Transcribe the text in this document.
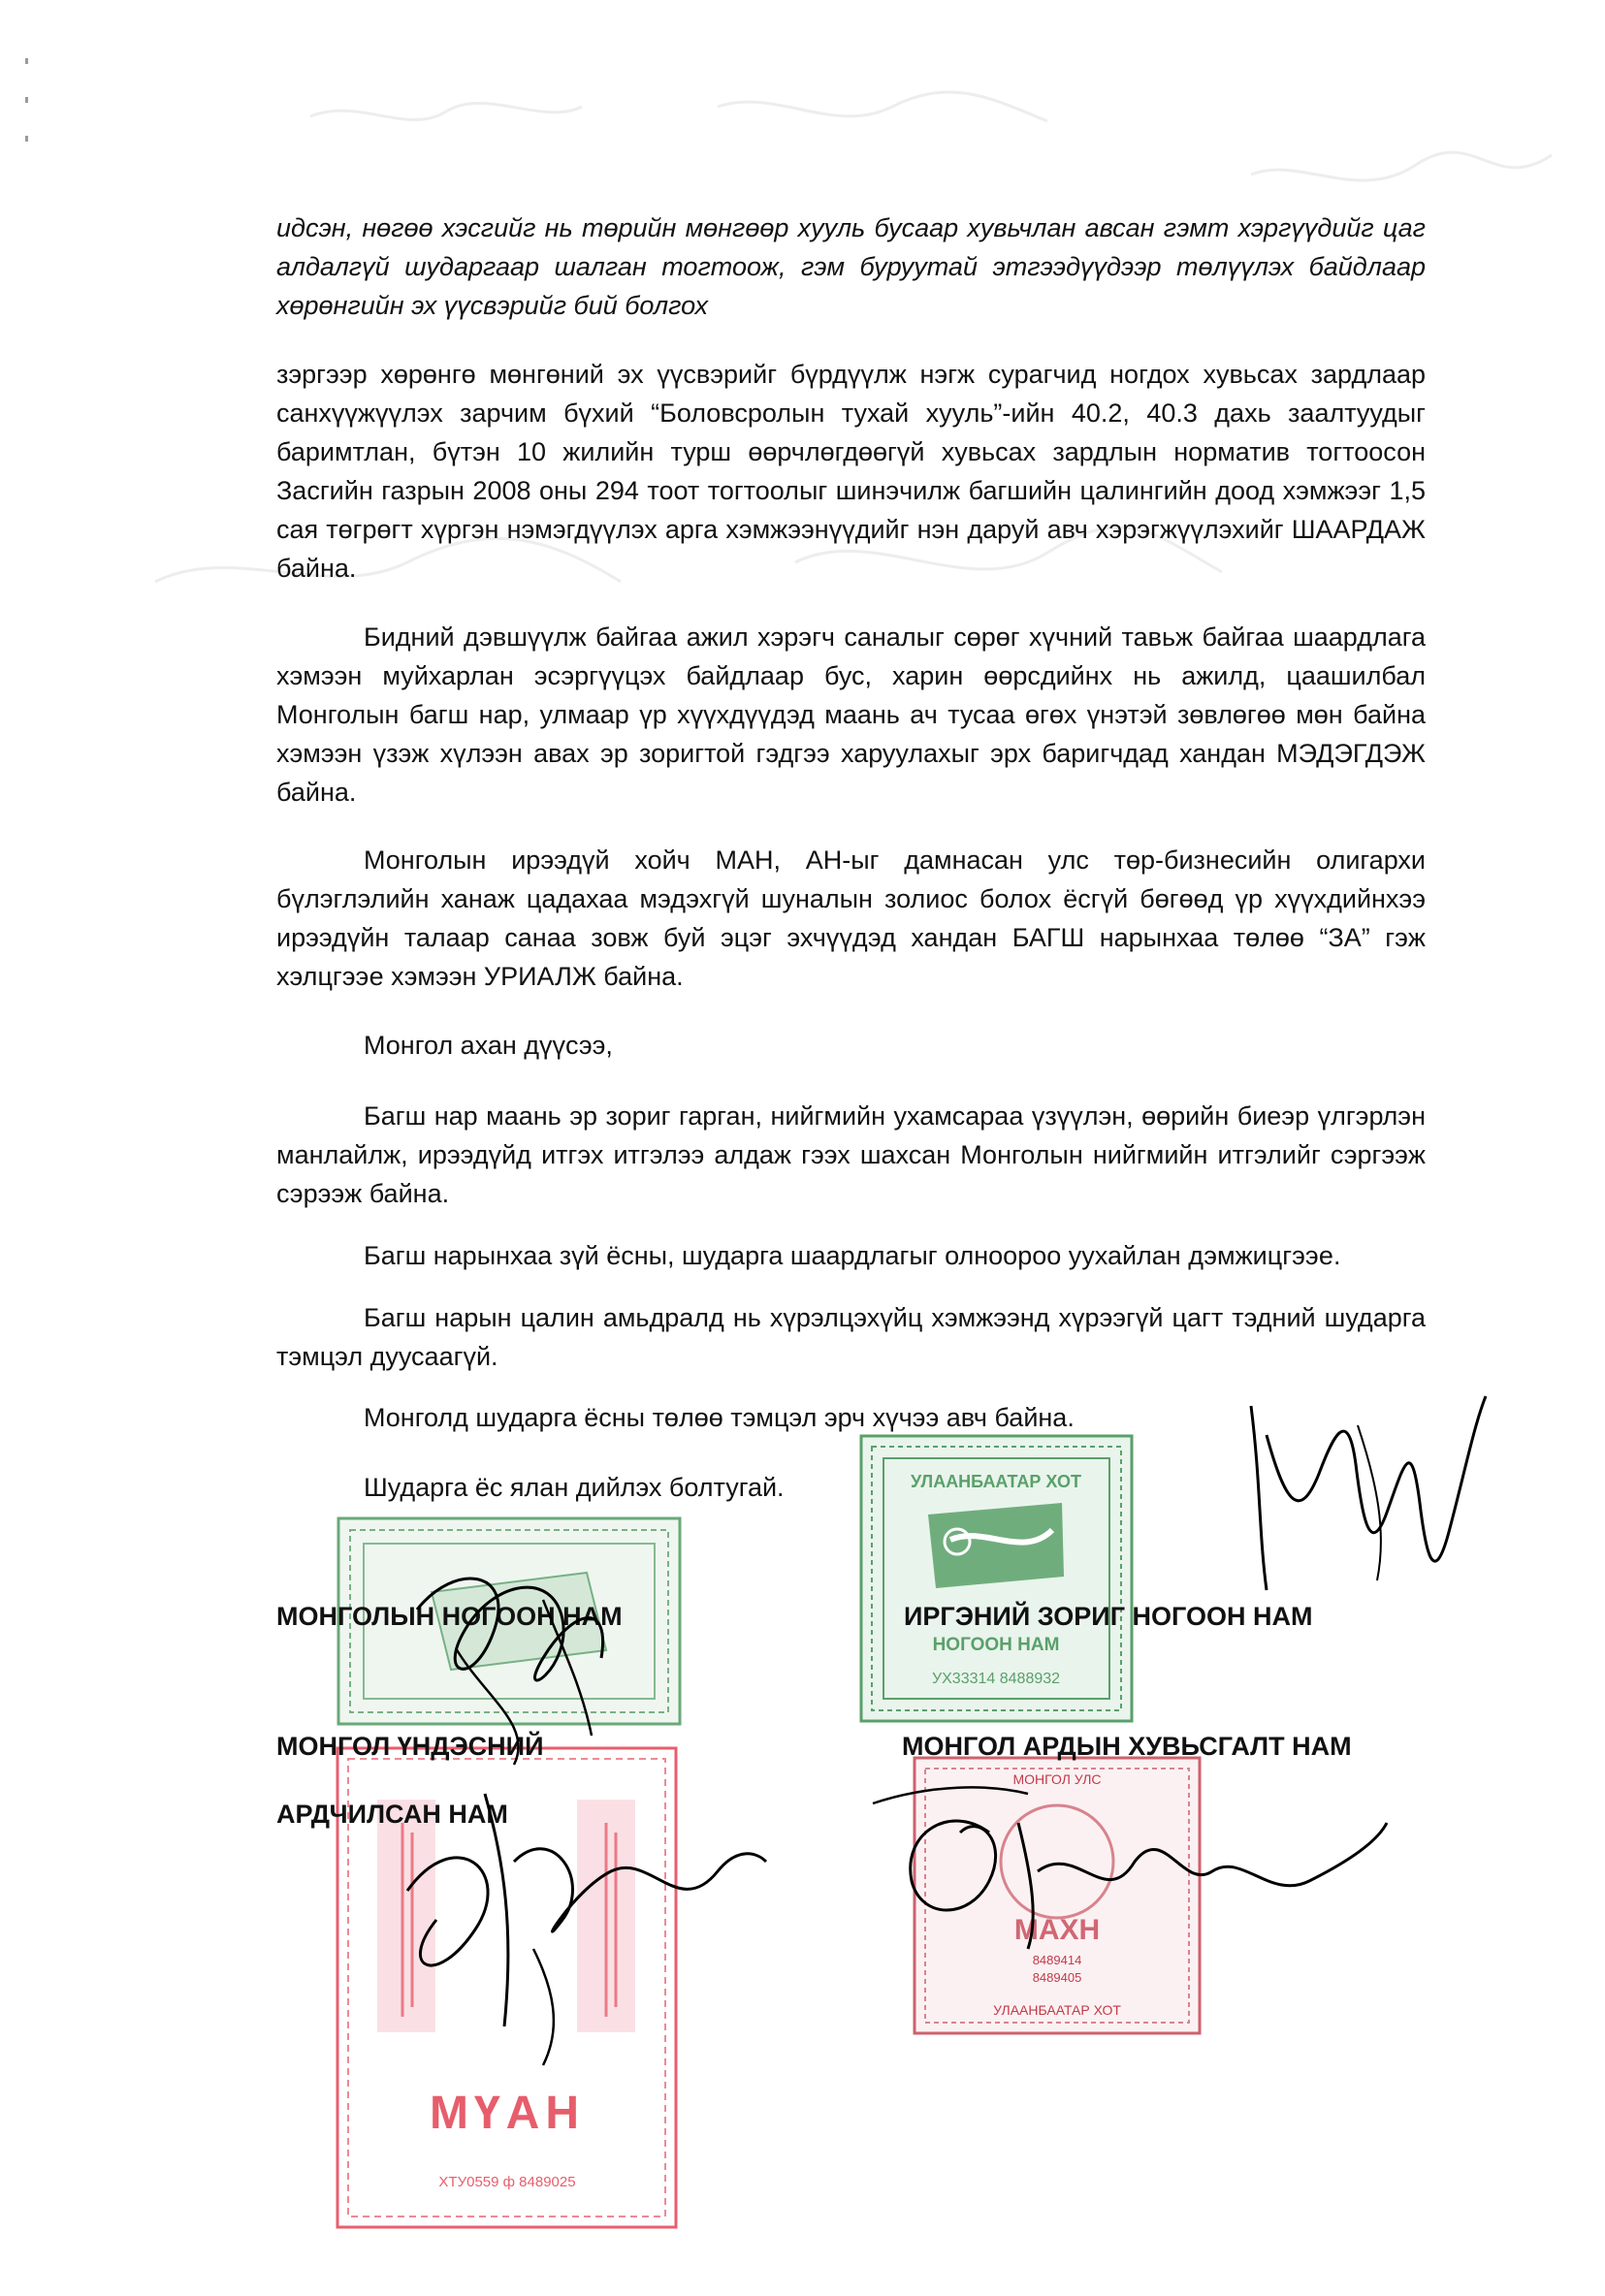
идсэн, нөгөө хэсгийг нь төрийн мөнгөөр хууль бусаар хувьчлан авсан гэмт хэргүүдийг цаг алдалгүй шударгаар шалган тогтоож, гэм буруутай этгээдүүдээр төлүүлэх байдлаар хөрөнгийн эх үүсвэрийг бий болгох

зэргээр хөрөнгө мөнгөний эх үүсвэрийг бүрдүүлж нэгж сурагчид ногдох хувьсах зардлаар санхүүжүүлэх зарчим бүхий “Боловсролын тухай хууль”-ийн 40.2, 40.3 дахь заалтуудыг баримтлан, бүтэн 10 жилийн турш өөрчлөгдөөгүй хувьсах зардлын норматив тогтоосон Засгийн газрын 2008 оны 294 тоот тогтоолыг шинэчилж багшийн цалингийн доод хэмжээг 1,5 сая төгрөгт хүргэн нэмэгдүүлэх арга хэмжээнүүдийг нэн даруй авч хэрэгжүүлэхийг ШААРДАЖ байна.

Бидний дэвшүүлж байгаа ажил хэрэгч саналыг сөрөг хүчний тавьж байгаа шаардлага хэмээн муйхарлан эсэргүүцэх байдлаар бус, харин өөрсдийнх нь ажилд, цаашилбал Монголын багш нар, улмаар үр хүүхдүүдэд маань ач тусаа өгөх үнэтэй зөвлөгөө мөн байна хэмээн үзэж хүлээн авах эр зоригтой гэдгээ харуулахыг эрх баригчдад хандан МЭДЭГДЭЖ байна.

Монголын ирээдүй хойч МАН, АН-ыг дамнасан улс төр-бизнесийн олигархи бүлэглэлийн ханаж цадахаа мэдэхгүй шуналын золиос болох ёсгүй бөгөөд үр хүүхдийнхээ ирээдүйн талаар санаа зовж буй эцэг эхчүүдэд хандан БАГШ нарынхаа төлөө “ЗА” гэж хэлцгээе хэмээн УРИАЛЖ байна.

Монгол ахан дүүсээ,

Багш нар маань эр зориг гарган, нийгмийн ухамсараа үзүүлэн, өөрийн биеэр үлгэрлэн манлайлж, ирээдүйд итгэх итгэлээ алдаж гээх шахсан Монголын нийгмийн итгэлийг сэргээж сэрээж байна.

Багш нарынхаа зүй ёсны, шударга шаардлагыг олноороо уухайлан дэмжицгээе.

Багш нарын цалин амьдралд нь хүрэлцэхүйц хэмжээнд хүрээгүй цагт тэдний шударга тэмцэл дуусаагүй.

Монголд шударга ёсны төлөө тэмцэл эрч хүчээ авч байна.

Шударга ёс ялан дийлэх болтугай.	УЛААНБААТАР ХОТ
НОГООН НАМ
УХ33314 8488932
МҮАН
ХТУ0559 ф 8489025
МОНГОЛ УЛС
МАХН
8489414
8489405
УЛААНБААТАР ХОТ
МОНГОЛЫН НОГООН НАМ	ИРГЭНИЙ ЗОРИГ НОГООН НАМ
МОНГОЛ ҮНДЭСНИЙ
АРДЧИЛСАН НАМ
МОНГОЛ АРДЫН ХУВЬСГАЛТ НАМ
